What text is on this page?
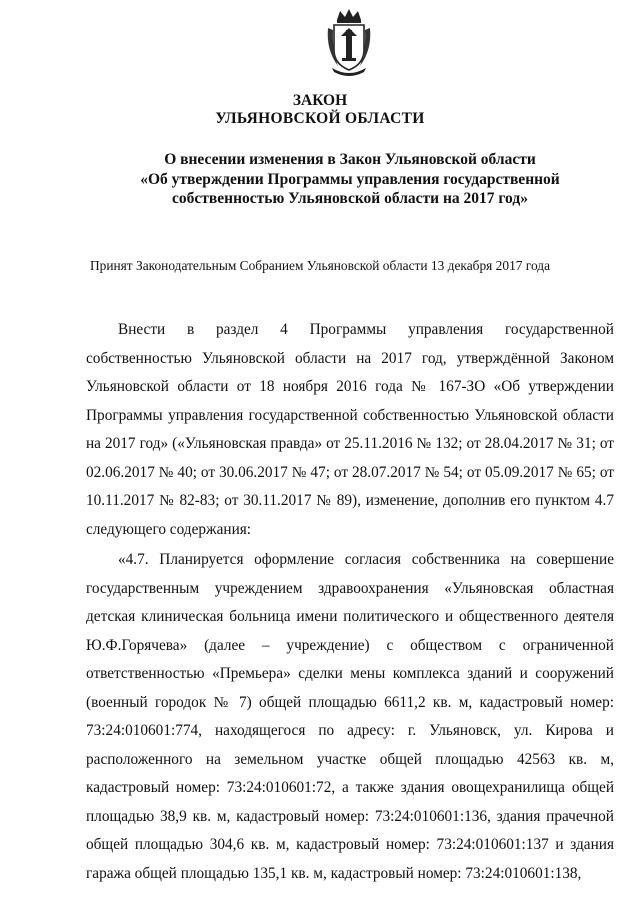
ЗАКОН
УЛЬЯНОВСКОЙ ОБЛАСТИ
О внесении изменения в Закон Ульяновской области
«Об утверждении Программы управления государственной
собственностью Ульяновской области на 2017 год»
Принят Законодательным Собранием Ульяновской области 13 декабря 2017 года

Внести в раздел 4 Программы управления государственной собственностью Ульяновской области на 2017 год, утверждённой Законом Ульяновской области от 18 ноября 2016 года № 167-ЗО «Об утверждении Программы управления государственной собственностью Ульяновской области на 2017 год» («Ульяновская правда» от 25.11.2016 № 132; от 28.04.2017 № 31; от 02.06.2017 № 40; от 30.06.2017 № 47; от 28.07.2017 № 54; от 05.09.2017 № 65; от 10.11.2017 № 82-83; от 30.11.2017 № 89), изменение, дополнив его пунктом 4.7 следующего содержания:

«4.7. Планируется оформление согласия собственника на совершение государственным учреждением здравоохранения «Ульяновская областная детская клиническая больница имени политического и общественного деятеля Ю.Ф.Горячева» (далее – учреждение) с обществом с ограниченной ответственностью «Премьера» сделки мены комплекса зданий и сооружений (военный городок № 7) общей площадью 6611,2 кв. м, кадастровый номер: 73:24:010601:774, находящегося по адресу: г. Ульяновск, ул. Кирова и расположенного на земельном участке общей площадью 42563 кв. м, кадастровый номер: 73:24:010601:72, а также здания овощехранилища общей площадью 38,9 кв. м, кадастровый номер: 73:24:010601:136, здания прачечной общей площадью 304,6 кв. м, кадастровый номер: 73:24:010601:137 и здания гаража общей площадью 135,1 кв. м, кадастровый номер: 73:24:010601:138,
